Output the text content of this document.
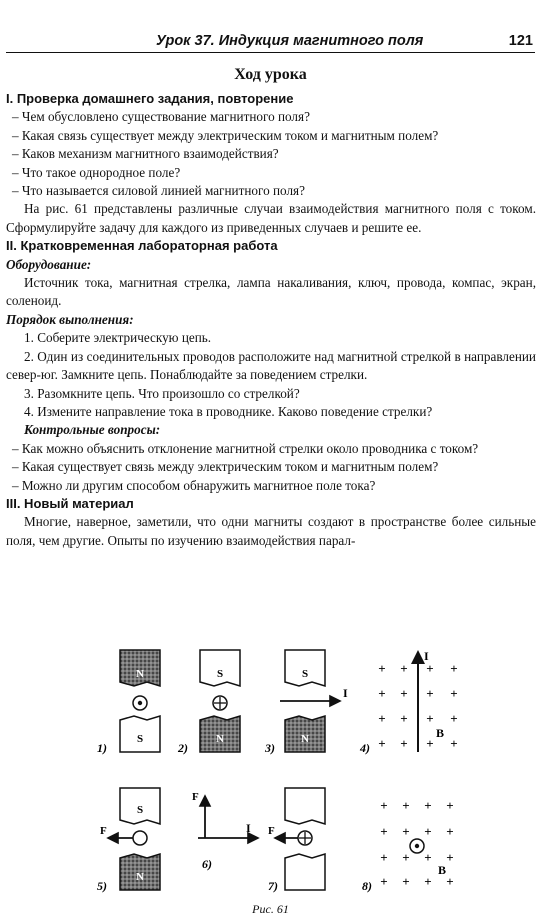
Урок 37. Индукция магнитного поля	121
Ход урока

I. Проверка домашнего задания, повторение

– Чем обусловлено существование магнитного поля?
– Какая связь существует между электрическим током и магнитным полем?
– Каков механизм магнитного взаимодействия?
– Что такое однородное поле?
– Что называется силовой линией магнитного поля?

На рис. 61 представлены различные случаи взаимодействия магнитного поля с током. Сформулируйте задачу для каждого из приведенных случаев и решите ее.

II. Кратковременная лабораторная работа

Оборудование:

Источник тока, магнитная стрелка, лампа накаливания, ключ, провода, компас, экран, соленоид.

Порядок выполнения:

1. Соберите электрическую цепь.

2. Один из соединительных проводов расположите над магнитной стрелкой в направлении север-юг. Замкните цепь. Понаблюдайте за поведением стрелки.

3. Разомкните цепь. Что произошло со стрелкой?

4. Измените направление тока в проводнике. Каково поведение стрелки?

Контрольные вопросы:

– Как можно объяснить отклонение магнитной стрелки около проводника с током?
– Какая существует связь между электрическим током и магнитным полем?
– Можно ли другим способом обнаружить магнитное поле тока?

III. Новый материал

Многие, наверное, заметили, что одни магниты создают в пространстве более сильные поля, чем другие. Опыты по изучению взаимодействия парал-

N
S
1)
S
N
2)
S
I
N
3)
+ + + +
+ + + +
+ + + +
+ + + +
I
B
4)
S
F
N
5)
F
I
6)
F
7)
+ + + +
+ + + +
+ + + +
+ + + +
B
8)
Рис. 61
